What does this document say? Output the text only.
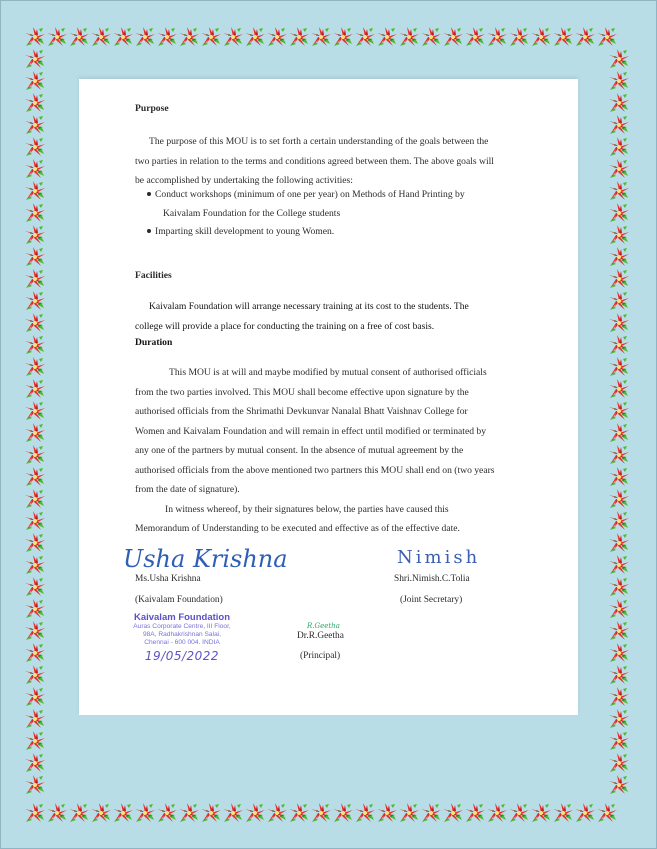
Purpose
The purpose of this MOU is to set forth a certain understanding of the goals between the
two parties in relation to the terms and conditions agreed between them. The above goals will
be accomplished by undertaking the following activities:
Conduct workshops (minimum of one per year) on Methods of Hand Printing by
Kaivalam Foundation for the College students
Imparting skill development to young Women.
Facilities
Kaivalam Foundation will arrange necessary training at its cost to the students. The
college will provide a place for conducting the training on a free of cost basis.
Duration
This MOU is at will and maybe modified by mutual consent of authorised officials
from the two parties involved. This MOU shall become effective upon signature by the
authorised officials from the Shrimathi Devkunvar Nanalal Bhatt Vaishnav College for
Women and Kaivalam Foundation and will remain in effect until modified or terminated by
any one of the partners by mutual consent. In the absence of mutual agreement by the
authorised officials from the above mentioned two partners this MOU shall end on (two years
from the date of signature).
In witness whereof, by their signatures below, the parties have caused this
Memorandum of Understanding to be executed and effective as of the effective date.
Usha Krishna
Ms.Usha Krishna
(Kaivalam Foundation)
Kaivalam Foundation
Auras Corporate Centre, III Floor,
98A, Radhakrishnan Salai,
Chennai - 600 004. INDIA
19/05/2022
Nimish
Shri.Nimish.C.Tolia
(Joint Secretary)
R.Geetha
Dr.R.Geetha
(Principal)
